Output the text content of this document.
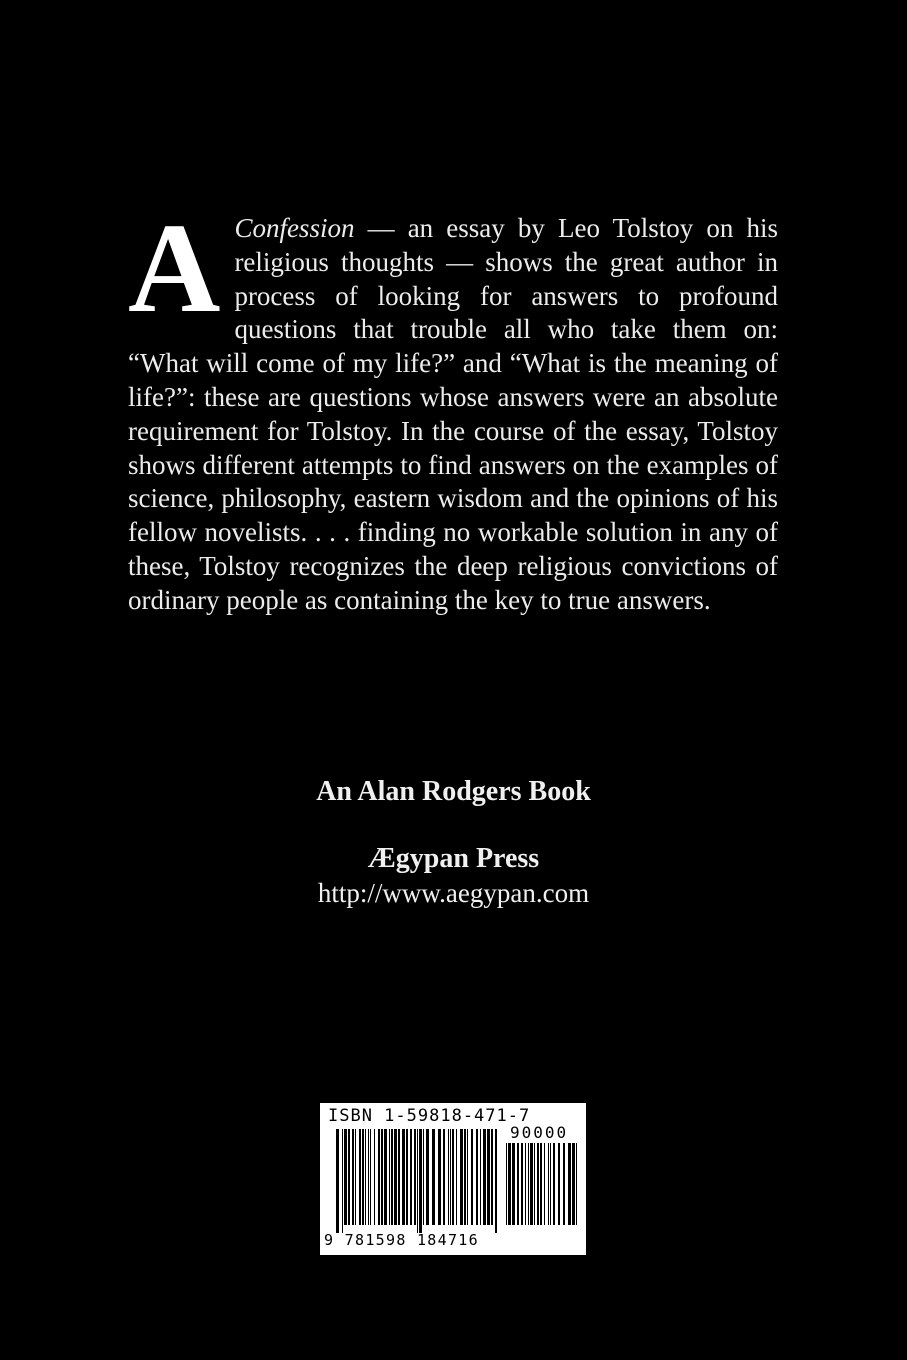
A Confession — an essay by Leo Tolstoy on his religious thoughts — shows the great author in process of looking for answers to profound questions that trouble all who take them on: “What will come of my life?” and “What is the meaning of life?”: these are questions whose answers were an absolute requirement for Tolstoy. In the course of the essay, Tolstoy shows different attempts to find answers on the examples of science, philosophy, eastern wisdom and the opinions of his fellow novelists. . . . finding no workable solution in any of these, Tolstoy recognizes the deep religious convictions of ordinary people as containing the key to true answers.

An Alan Rodgers Book
Ægypan Press
http://www.aegypan.com
ISBN 1-59818-471-7
90000
9 781598 184716
